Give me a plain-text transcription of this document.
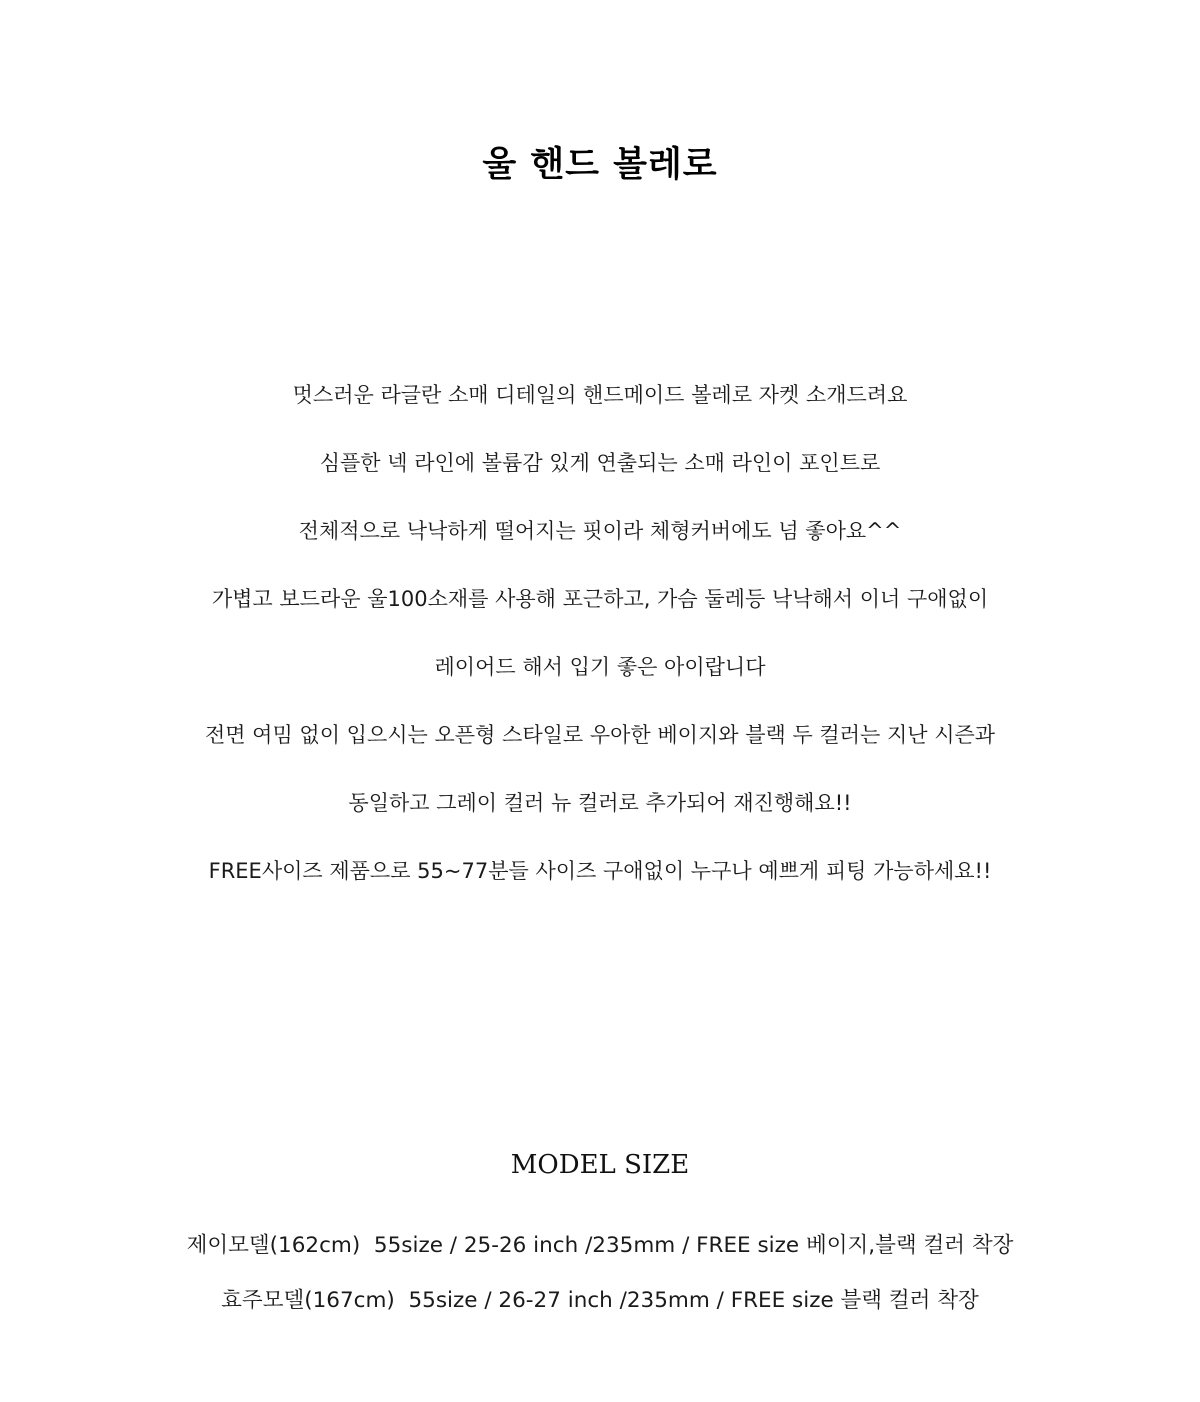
울 핸드 볼레로
멋스러운 라글란 소매 디테일의 핸드메이드 볼레로 자켓 소개드려요
심플한 넥 라인에 볼륨감 있게 연출되는 소매 라인이 포인트로
전체적으로 낙낙하게 떨어지는 핏이라 체형커버에도 넘 좋아요^^
가볍고 보드라운 울100소재를 사용해 포근하고, 가슴 둘레등 낙낙해서 이너 구애없이
레이어드 해서 입기 좋은 아이랍니다
전면 여밈 없이 입으시는 오픈형 스타일로 우아한 베이지와 블랙 두 컬러는 지난 시즌과
동일하고 그레이 컬러 뉴 컬러로 추가되어 재진행해요!!
FREE사이즈 제품으로 55~77분들 사이즈 구애없이 누구나 예쁘게 피팅 가능하세요!!
MODEL SIZE
제이모델(162cm)  55size / 25-26 inch /235mm / FREE size 베이지,블랙 컬러 착장
효주모델(167cm)  55size / 26-27 inch /235mm / FREE size 블랙 컬러 착장
